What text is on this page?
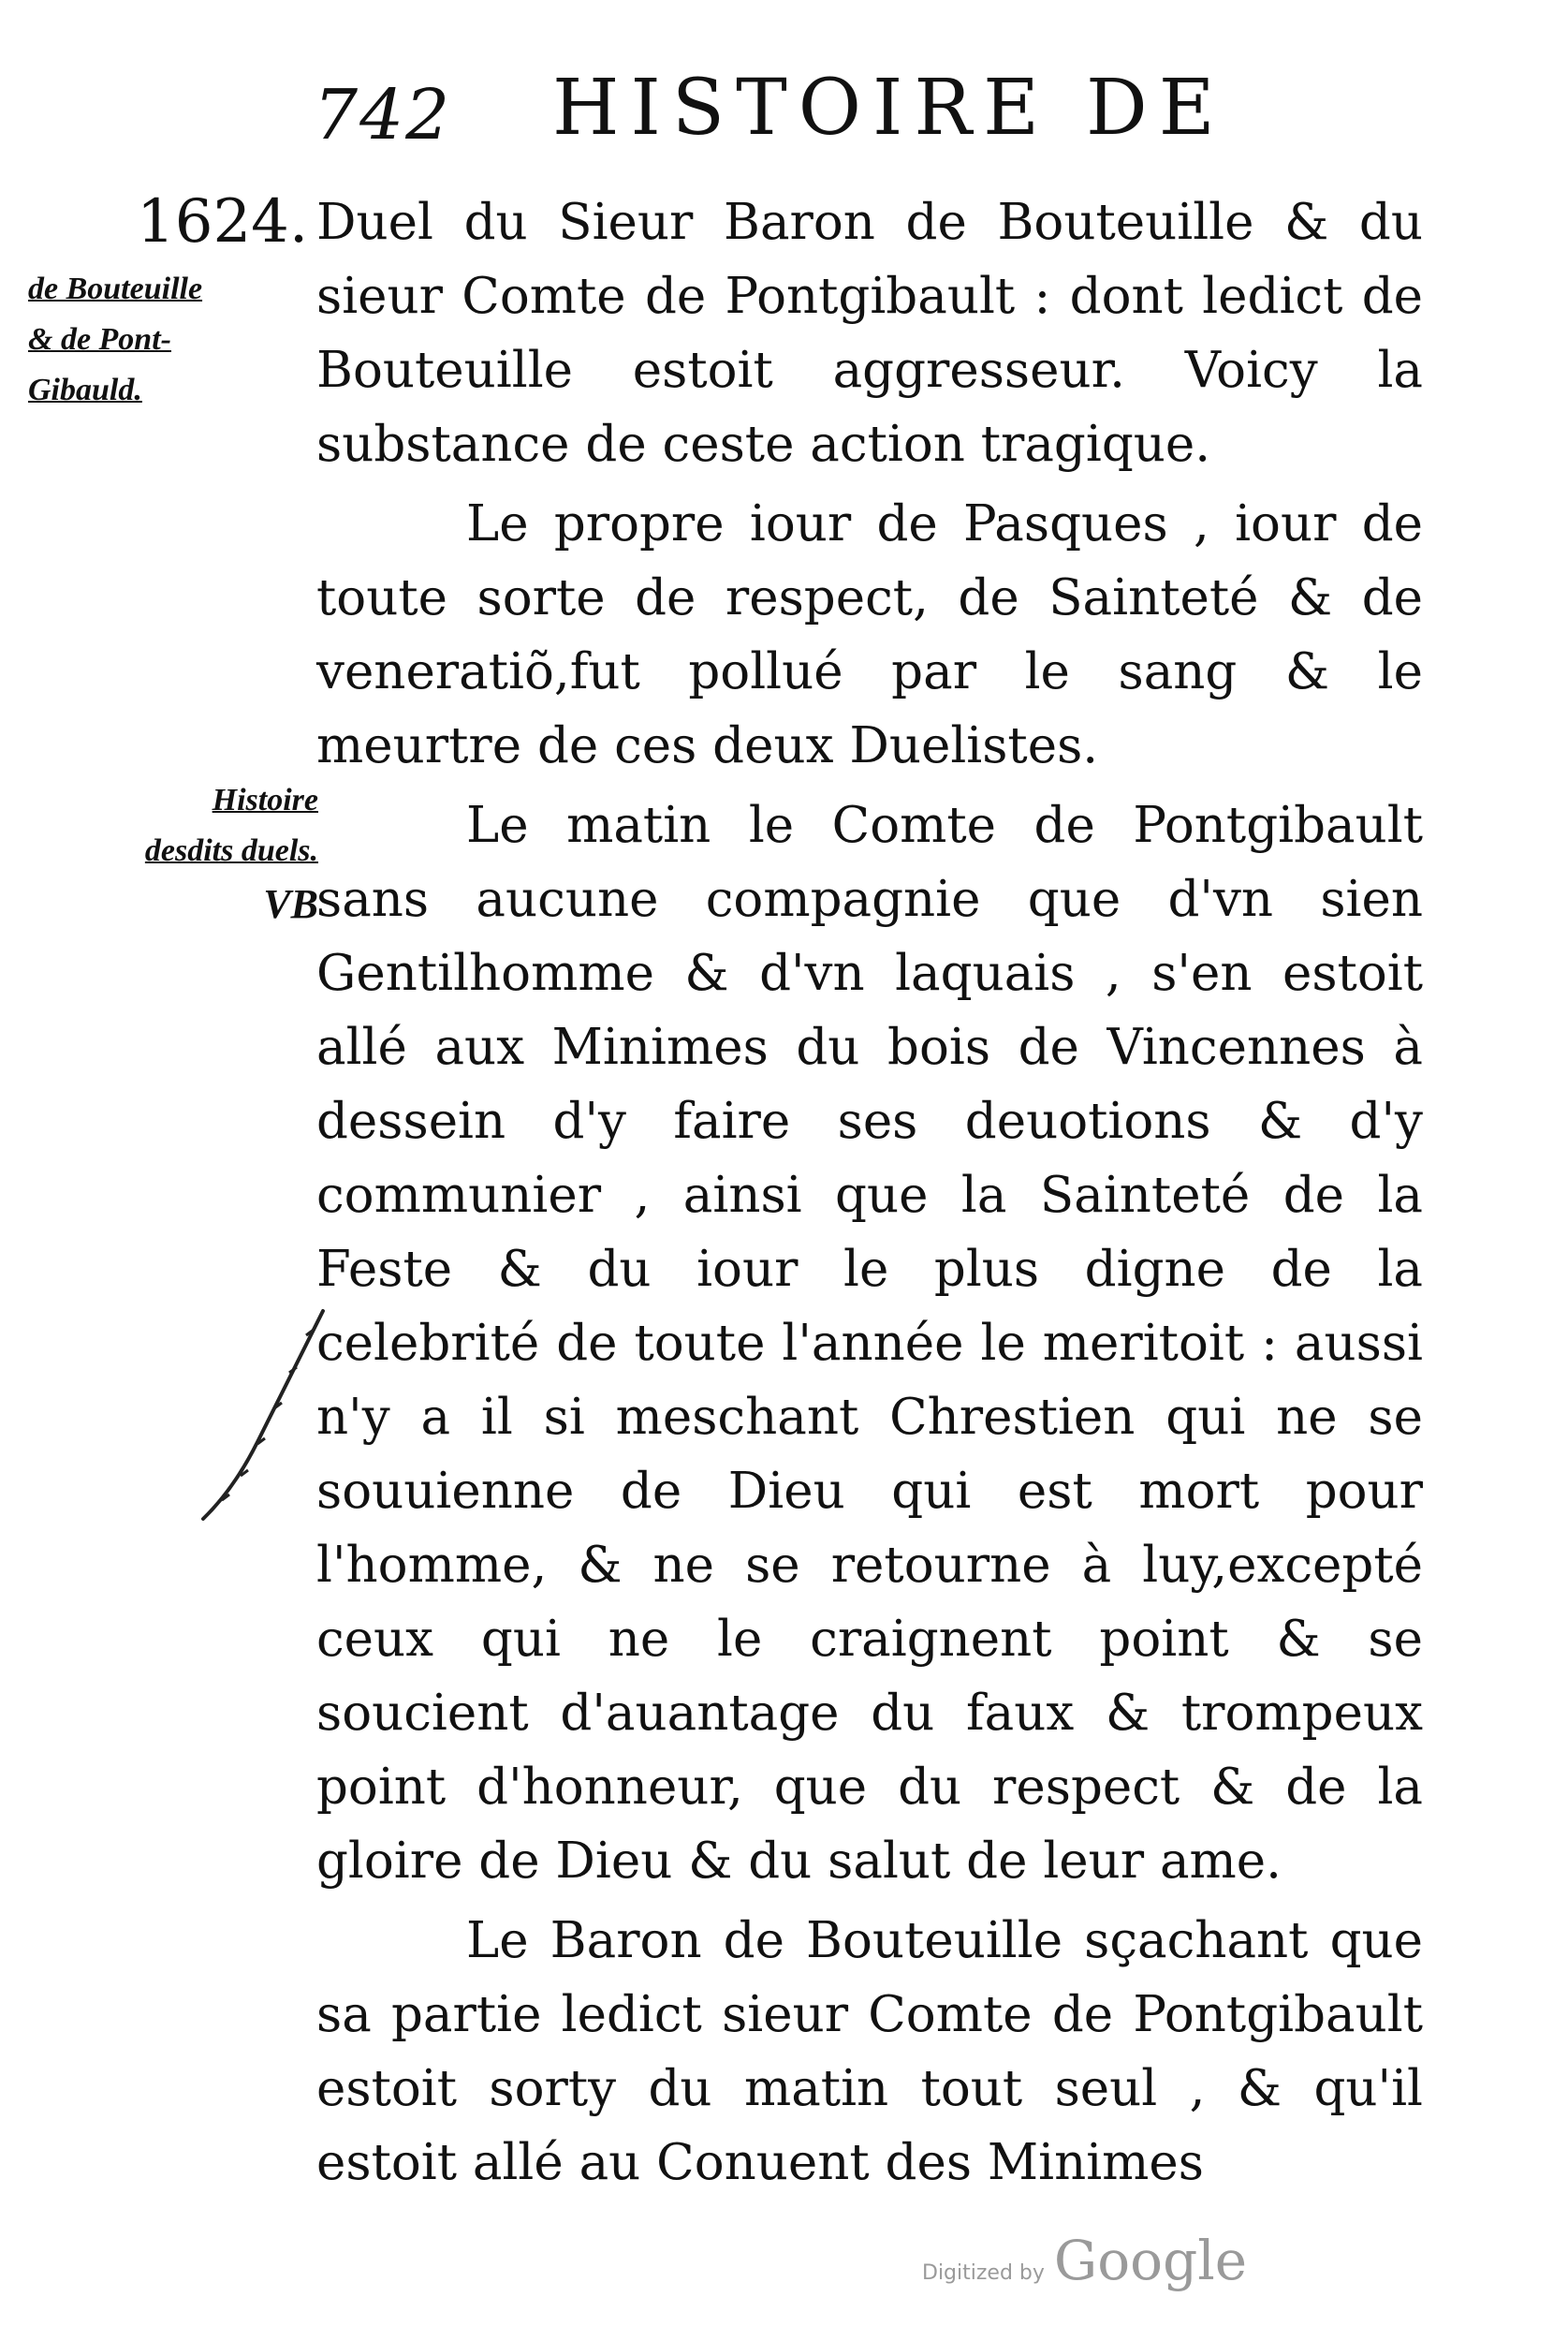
742 HISTOIRE DE
1624.
de Bouteuille
& de Pont-
Gibauld.
Histoire
desdits duels.
VB

Duel du Sieur Baron de Bouteuille & du sieur Comte de Pontgibault : dont ledict de Bouteuille estoit aggresseur. Voicy la substance de ceste action tragique.

Le propre iour de Pasques , iour de toute sorte de respect, de Sainteté & de veneratiõ,fut pollué par le sang & le meurtre de ces deux Duelistes.

Le matin le Comte de Pontgibault sans aucune compagnie que d'vn sien Gentilhomme & d'vn laquais , s'en estoit allé aux Minimes du bois de Vincennes à dessein d'y faire ses deuotions & d'y communier , ainsi que la Sainteté de la Feste & du iour le plus digne de la celebrité de toute l'année le meritoit : aussi n'y a il si meschant Chrestien qui ne se souuienne de Dieu qui est mort pour l'homme, & ne se retourne à luy,excepté ceux qui ne le craignent point & se soucient d'auantage du faux & trompeux point d'honneur, que du respect & de la gloire de Dieu & du salut de leur ame.

Le Baron de Bouteuille sçachant que sa partie ledict sieur Comte de Pontgibault estoit sorty du matin tout seul , & qu'il estoit allé au Conuent des Minimes

Digitized by Google
